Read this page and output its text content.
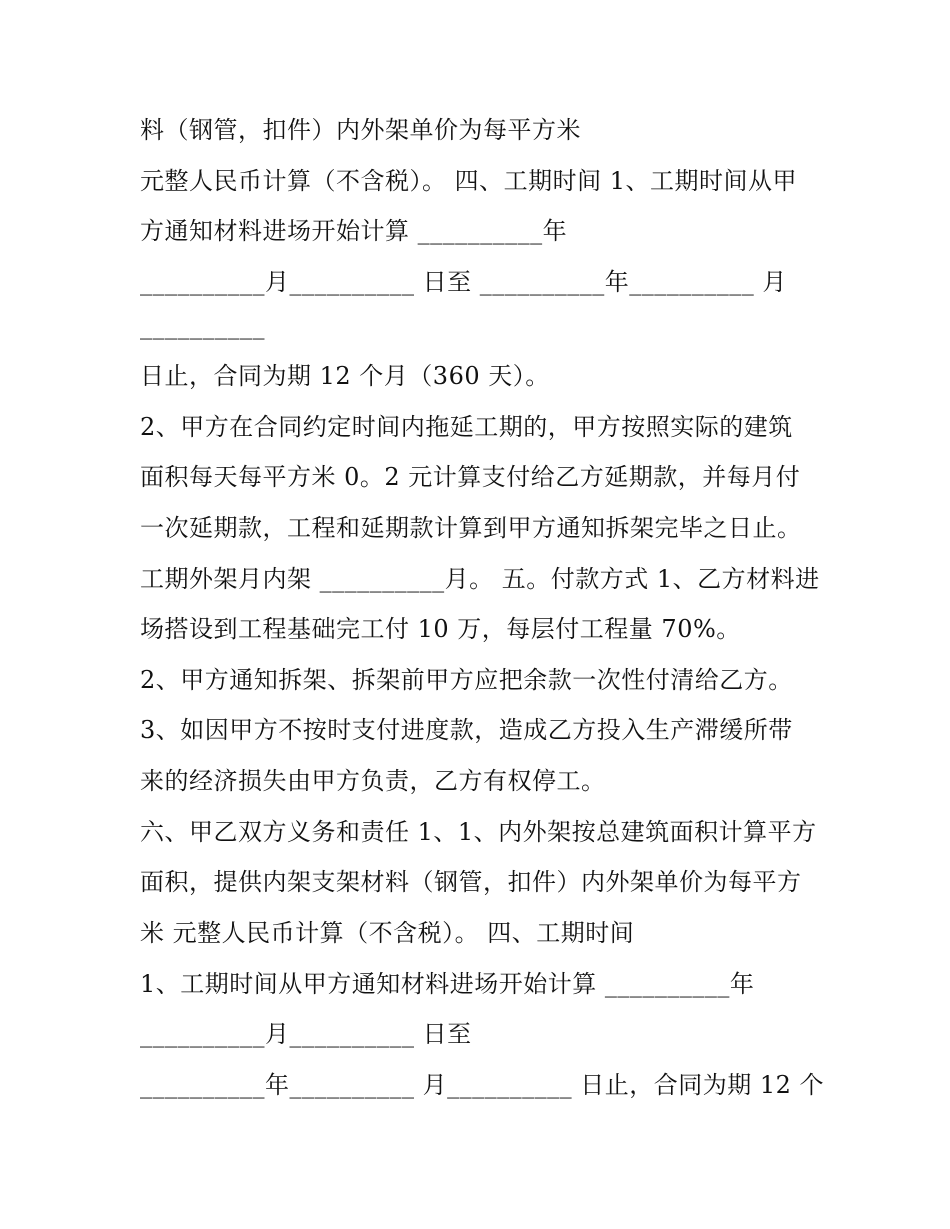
料（钢管，扣件）内外架单价为每平方米
元整人民币计算（不含税）。 四、工期时间 1、工期时间从甲
方通知材料进场开始计算 __________年
__________月__________ 日至 __________年__________ 月
__________
日止，合同为期 12 个月（360 天）。
2、甲方在合同约定时间内拖延工期的，甲方按照实际的建筑
面积每天每平方米 0。2 元计算支付给乙方延期款，并每月付
一次延期款，工程和延期款计算到甲方通知拆架完毕之日止。
工期外架月内架 __________月。 五。付款方式 1、乙方材料进
场搭设到工程基础完工付 10 万，每层付工程量 70%。
2、甲方通知拆架、拆架前甲方应把余款一次性付清给乙方。
3、如因甲方不按时支付进度款，造成乙方投入生产滞缓所带
来的经济损失由甲方负责，乙方有权停工。
六、甲乙双方义务和责任 1、1、内外架按总建筑面积计算平方
面积，提供内架支架材料（钢管，扣件）内外架单价为每平方
米 元整人民币计算（不含税）。 四、工期时间
1、工期时间从甲方通知材料进场开始计算 __________年
__________月__________ 日至
__________年__________ 月__________ 日止，合同为期 12 个
